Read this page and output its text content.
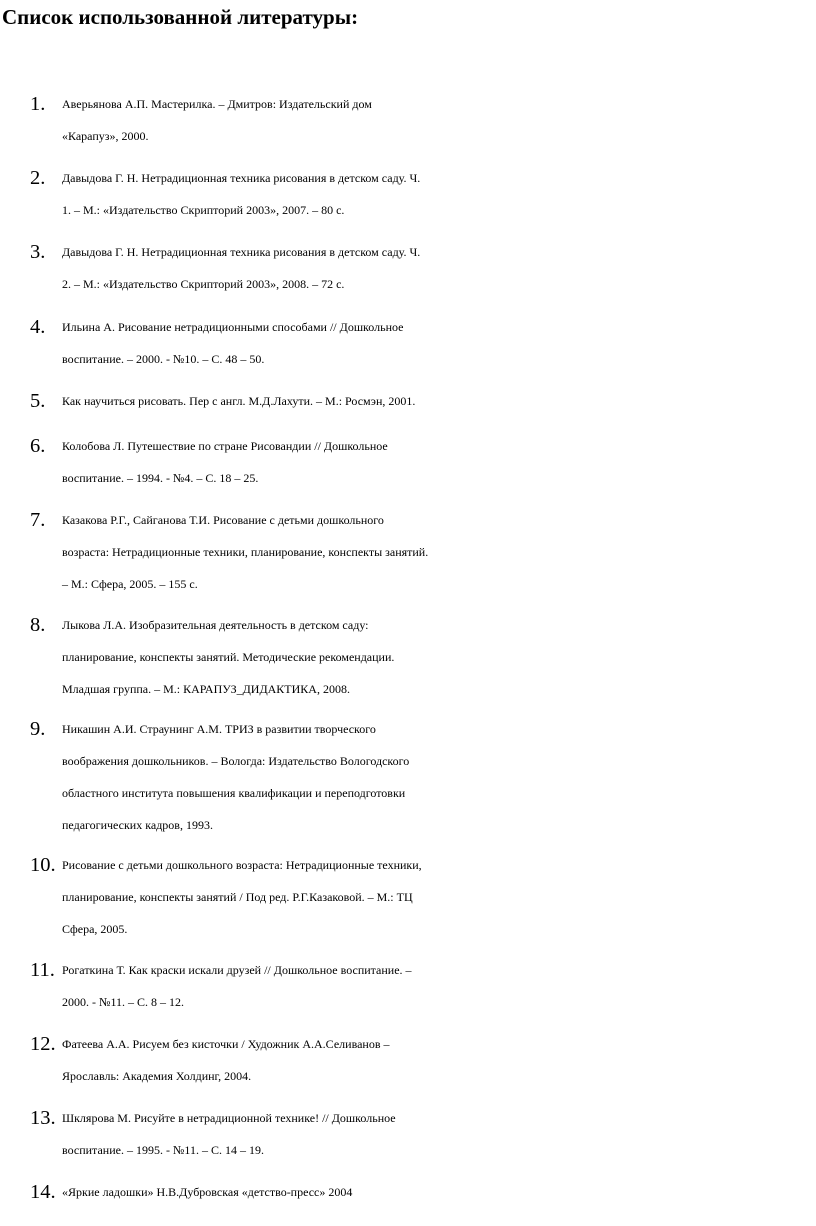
Список использованной литературы:
1. Аверьянова А.П. Мастерилка. – Дмитров: Издательский дом
«Карапуз», 2000.
2. Давыдова Г. Н. Нетрадиционная техника рисования в детском саду. Ч.
1. – М.: «Издательство Скрипторий 2003», 2007. – 80 с.
3. Давыдова Г. Н. Нетрадиционная техника рисования в детском саду. Ч.
2. – М.: «Издательство Скрипторий 2003», 2008. – 72 с.
4. Ильина А. Рисование нетрадиционными способами // Дошкольное
воспитание. – 2000. - №10. – С. 48 – 50.
5. Как научиться рисовать. Пер с англ. М.Д.Лахути. – М.: Росмэн, 2001.
6. Колобова Л. Путешествие по стране Рисовандии // Дошкольное
воспитание. – 1994. - №4. – С. 18 – 25.
7. Казакова Р.Г., Сайганова Т.И. Рисование с детьми дошкольного
возраста: Нетрадиционные техники, планирование, конспекты занятий.
– М.: Сфера, 2005. – 155 с.
8. Лыкова Л.А. Изобразительная деятельность в детском саду:
планирование, конспекты занятий. Методические рекомендации.
Младшая группа. – М.: КАРАПУЗ_ДИДАКТИКА, 2008.
9. Никашин А.И. Страунинг А.М. ТРИЗ в развитии творческого
воображения дошкольников. – Вологда: Издательство Вологодского
областного института повышения квалификации и переподготовки
педагогических кадров, 1993.
10. Рисование с детьми дошкольного возраста: Нетрадиционные техники,
планирование, конспекты занятий / Под ред. Р.Г.Казаковой. – М.: ТЦ
Сфера, 2005.
11. Рогаткина Т. Как краски искали друзей // Дошкольное воспитание. –
2000. - №11. – С. 8 – 12.
12. Фатеева А.А. Рисуем без кисточки / Художник А.А.Селиванов –
Ярославль: Академия Холдинг, 2004.
13. Шклярова М. Рисуйте в нетрадиционной технике! // Дошкольное
воспитание. – 1995. - №11. – С. 14 – 19.
14. «Яркие ладошки» Н.В.Дубровская «детство-пресс» 2004
